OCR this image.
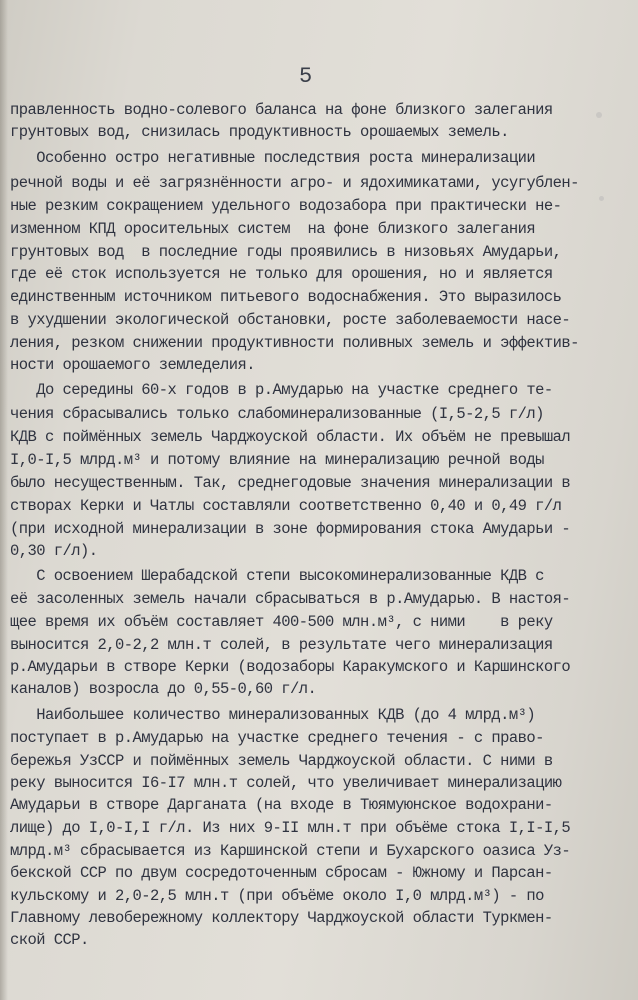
5
правленность водно-солевого баланса на фоне близкого залегания
грунтовых вод, снизилась продуктивность орошаемых земель.
Особенно остро негативные последствия роста минерализации
речной воды и её загрязнённости агро- и ядохимикатами, усугублен-
ные резким сокращением удельного водозабора при практически не-
изменном КПД оросительных систем  на фоне близкого залегания
грунтовых вод  в последние годы проявились в низовьях Амударьи,
где её сток используется не только для орошения, но и является
единственным источником питьевого водоснабжения. Это выразилось
в ухудшении экологической обстановки, росте заболеваемости насе-
ления, резком снижении продуктивности поливных земель и эффектив-
ности орошаемого земледелия.
До середины 60-х годов в р.Амударью на участке среднего те-
чения сбрасывались только слабоминерализованные (I,5-2,5 г/л)
КДВ с поймённых земель Чарджоуской области. Их объём не превышал
I,0-I,5 млрд.м³ и потому влияние на минерализацию речной воды
было несущественным. Так, среднегодовые значения минерализации в
створах Керки и Чатлы составляли соответственно 0,40 и 0,49 г/л
(при исходной минерализации в зоне формирования стока Амударьи -
0,30 г/л).
С освоением Шерабадской степи высокоминерализованные КДВ с
её засоленных земель начали сбрасываться в р.Амударью. В настоя-
щее время их объём составляет 400-500 млн.м³, с ними    в реку
выносится 2,0-2,2 млн.т солей, в результате чего минерализация
р.Амударьи в створе Керки (водозаборы Каракумского и Каршинского
каналов) возросла до 0,55-0,60 г/л.
Наибольшее количество минерализованных КДВ (до 4 млрд.м³)
поступает в р.Амударью на участке среднего течения - с право-
бережья УзССР и поймённых земель Чарджоуской области. С ними в
реку выносится I6-I7 млн.т солей, что увеличивает минерализацию
Амударьи в створе Дарганата (на входе в Тюямуюнское водохрани-
лище) до I,0-I,I г/л. Из них 9-II млн.т при объёме стока I,I-I,5
млрд.м³ сбрасывается из Каршинской степи и Бухарского оазиса Уз-
бекской ССР по двум сосредоточенным сбросам - Южному и Парсан-
кульскому и 2,0-2,5 млн.т (при объёме около I,0 млрд.м³) - по
Главному левобережному коллектору Чарджоуской области Туркмен-
ской ССР.
